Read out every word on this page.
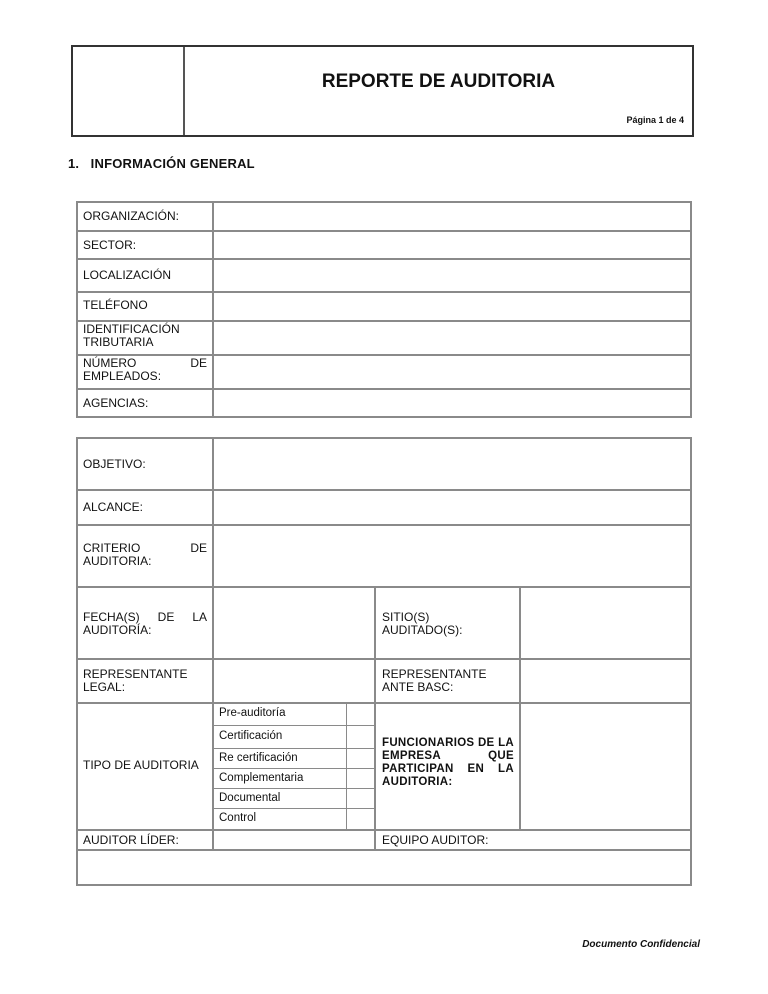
REPORTE DE AUDITORIA
Página 1 de 4
1.   INFORMACIÓN GENERAL
ORGANIZACIÓN:
SECTOR:
LOCALIZACIÓN
TELÉFONO
IDENTIFICACIÓN TRIBUTARIA
NÚMERO DE EMPLEADOS:
AGENCIAS:
OBJETIVO:
ALCANCE:
CRITERIO DE AUDITORIA:
FECHA(S) DE LA AUDITORÍA:
SITIO(S) AUDITADO(S):
REPRESENTANTE LEGAL:
REPRESENTANTE ANTE BASC:
TIPO DE AUDITORIA
Pre-auditoría
Certificación
Re certificación
Complementaria
Documental
Control
FUNCIONARIOS DE LA EMPRESA QUE PARTICIPAN EN LA AUDITORIA:
AUDITOR LÍDER:	EQUIPO AUDITOR:
Documento Confidencial
